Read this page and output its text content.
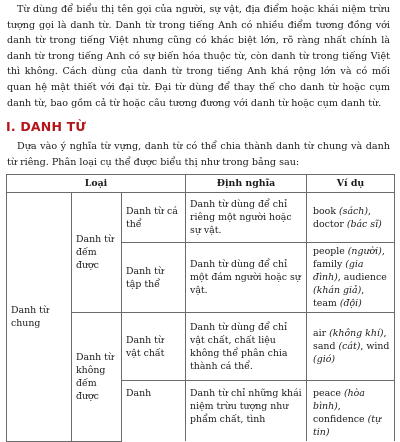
Từ dùng để biểu thị tên gọi của người, sự vật, địa điểm hoặc khái niệm trừu tượng gọi là danh từ. Danh từ trong tiếng Anh có nhiều điểm tương đồng với danh từ trong tiếng Việt nhưng cũng có khác biệt lớn, rõ ràng nhất chính là danh từ trong tiếng Anh có sự biến hóa thuộc từ, còn danh từ trong tiếng Việt thì không. Cách dùng của danh từ trong tiếng Anh khá rộng lớn và có mối quan hệ mật thiết với đại từ. Đại từ dùng để thay thế cho danh từ hoặc cụm danh từ, bao gồm cả từ hoặc câu tương đương với danh từ hoặc cụm danh từ.

I. DANH TỪ

Dựa vào ý nghĩa từ vựng, danh từ có thể chia thành danh từ chung và danh từ riêng. Phân loại cụ thể được biểu thị như trong bảng sau:

Loại			Định nghĩa	Ví dụ
Danh từ chung	Danh từ đếm được	Danh từ cá thể	Danh từ dùng để chỉ riêng một người hoặc sự vật.	book (sách), doctor (bác sĩ)
		Danh từ tập thể	Danh từ dùng để chỉ một đám người hoặc sự vật.	people (người), family (gia đình), audience (khán giả), team (đội)
	Danh từ không đếm được	Danh từ vật chất	Danh từ dùng để chỉ vật chất, chất liệu không thể phân chia thành cá thể.	air (không khí), sand (cát), wind (gió)
		Danh	Danh từ chỉ những khái niệm trừu tượng như phẩm chất, tình	peace (hòa bình), confidence (tự tin)
